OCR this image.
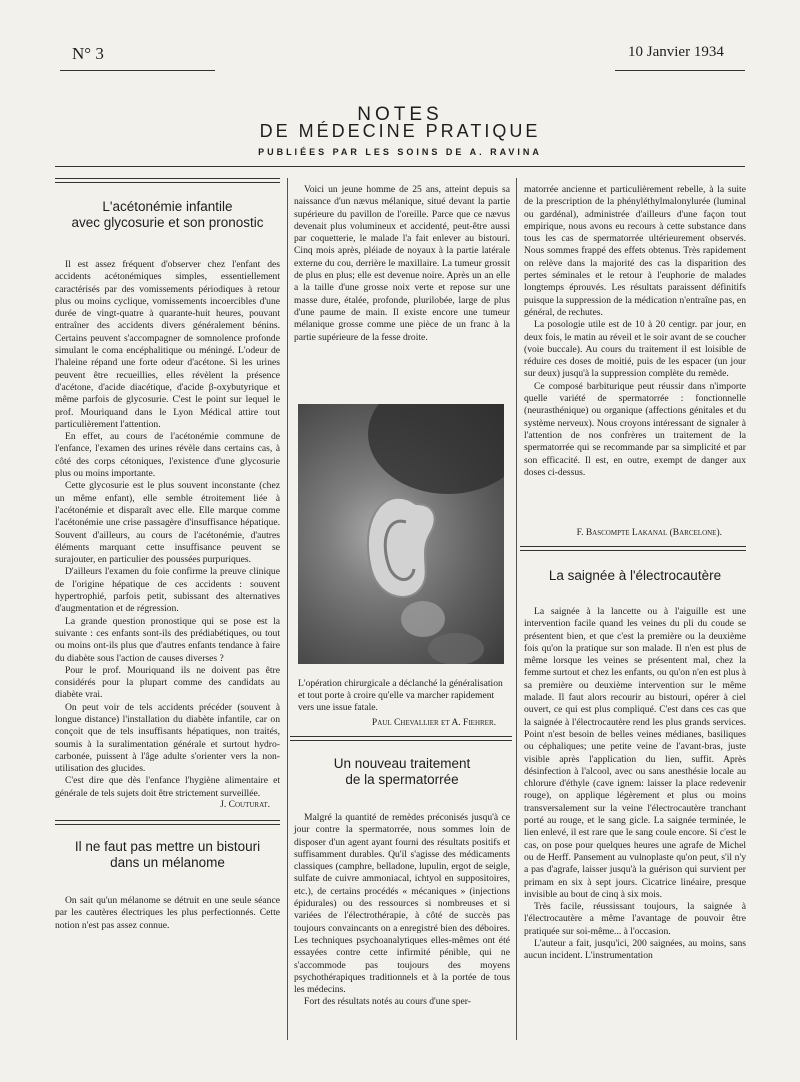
N° 3	10 Janvier 1934
NOTES
DE MÉDECINE PRATIQUE
PUBLIÉES PAR LES SOINS DE A. RAVINA
L'acétonémie infantile
avec glycosurie et son pronostic

Il est assez fréquent d'observer chez l'enfant des accidents acétonémiques simples, essentiellement caractérisés par des vomissements périodiques à retour plus ou moins cyclique, vomissements incoercibles d'une durée de vingt-quatre à quarante-huit heures, pouvant entraîner des accidents divers généralement bénins. Certains peuvent s'accompagner de somnolence profonde simulant le coma encéphalitique ou méningé. L'odeur de l'haleine répand une forte odeur d'acétone. Si les urines peuvent être recueillies, elles révèlent la présence d'acétone, d'acide diacétique, d'acide β-oxybutyrique et même parfois de glycosurie. C'est le point sur lequel le prof. Mouriquand dans le Lyon Médical attire tout particulièrement l'attention.

En effet, au cours de l'acétonémie commune de l'enfance, l'examen des urines révèle dans certains cas, à côté des corps cétoniques, l'existence d'une glycosurie plus ou moins importante.

Cette glycosurie est le plus souvent inconstante (chez un même enfant), elle semble étroitement liée à l'acétonémie et disparaît avec elle. Elle marque comme l'acétonémie une crise passagère d'insuffisance hépatique. Souvent d'ailleurs, au cours de l'acétonémie, d'autres éléments marquant cette insuffisance peuvent se surajouter, en particulier des poussées purpuriques.

D'ailleurs l'examen du foie confirme la preuve clinique de l'origine hépatique de ces accidents : souvent hypertrophié, parfois petit, subissant des alternatives d'augmentation et de régression.

La grande question pronostique qui se pose est la suivante : ces enfants sont-ils des prédiabétiques, ou tout ou moins ont-ils plus que d'autres enfants tendance à faire du diabète sous l'action de causes diverses ?

Pour le prof. Mouriquand ils ne doivent pas être considérés pour la plupart comme des candidats au diabète vrai.

On peut voir de tels accidents précéder (souvent à longue distance) l'installation du diabète infantile, car on conçoit que de tels insuffisants hépatiques, non traités, soumis à la suralimentation générale et surtout hydro-carbonée, puissent à l'âge adulte s'orienter vers la non-utilisation des glucides.

C'est dire que dès l'enfance l'hygiène alimentaire et générale de tels sujets doit être strictement surveillée.

J. Couturat.
Il ne faut pas mettre un bistouri
dans un mélanome

On sait qu'un mélanome se détruit en une seule séance par les cautères électriques les plus perfectionnés. Cette notion n'est pas assez connue.

Voici un jeune homme de 25 ans, atteint depuis sa naissance d'un nævus mélanique, situé devant la partie supérieure du pavillon de l'oreille. Parce que ce nævus devenait plus volumineux et accidenté, peut-être aussi par coquetterie, le malade l'a fait enlever au bistouri. Cinq mois après, pléiade de noyaux à la partie latérale externe du cou, derrière le maxillaire. La tumeur grossit de plus en plus; elle est devenue noire. Après un an elle a la taille d'une grosse noix verte et repose sur une masse dure, étalée, profonde, plurilobée, large de plus d'une paume de main. Il existe encore une tumeur mélanique grosse comme une pièce de un franc à la partie supérieure de la fesse droite.

L'opération chirurgicale a déclanché la généralisation et tout porte à croire qu'elle va marcher rapidement vers une issue fatale.
Paul Chevallier et A. Fiehrer.
Un nouveau traitement
de la spermatorrée

Malgré la quantité de remèdes préconisés jusqu'à ce jour contre la spermatorrée, nous sommes loin de disposer d'un agent ayant fourni des résultats positifs et suffisamment durables. Qu'il s'agisse des médicaments classiques (camphre, belladone, lupulin, ergot de seigle, sulfate de cuivre ammoniacal, ichtyol en suppositoires, etc.), de certains procédés « mécaniques » (injections épidurales) ou des ressources si nombreuses et si variées de l'électrothérapie, à côté de succès pas toujours convaincants on a enregistré bien des déboires. Les techniques psychoanalytiques elles-mêmes ont été essayées contre cette infirmité pénible, qui ne s'accommode pas toujours des moyens psychothérapiques traditionnels et à la portée de tous les médecins.

Fort des résultats notés au cours d'une sper-

matorrée ancienne et particulièrement rebelle, à la suite de la prescription de la phényléthylmalonylurée (luminal ou gardénal), administrée d'ailleurs d'une façon tout empirique, nous avons eu recours à cette substance dans tous les cas de spermatorrée ultérieurement observés. Nous sommes frappé des effets obtenus. Très rapidement on relève dans la majorité des cas la disparition des pertes séminales et le retour à l'euphorie de malades longtemps éprouvés. Les résultats paraissent définitifs puisque la suppression de la médication n'entraîne pas, en général, de rechutes.

La posologie utile est de 10 à 20 centigr. par jour, en deux fois, le matin au réveil et le soir avant de se coucher (voie buccale). Au cours du traitement il est loisible de réduire ces doses de moitié, puis de les espacer (un jour sur deux) jusqu'à la suppression complète du remède.

Ce composé barbiturique peut réussir dans n'importe quelle variété de spermatorrée : fonctionnelle (neurasthénique) ou organique (affections génitales et du système nerveux). Nous croyons intéressant de signaler à l'attention de nos confrères un traitement de la spermatorrée qui se recommande par sa simplicité et par son efficacité. Il est, en outre, exempt de danger aux doses ci-dessus.

F. Bascompte Lakanal (Barcelone).
La saignée à l'électrocautère

La saignée à la lancette ou à l'aiguille est une intervention facile quand les veines du pli du coude se présentent bien, et que c'est la première ou la deuxième fois qu'on la pratique sur son malade. Il n'en est plus de même lorsque les veines se présentent mal, chez la femme surtout et chez les enfants, ou qu'on n'en est plus à sa première ou deuxième intervention sur le même malade. Il faut alors recourir au bistouri, opérer à ciel ouvert, ce qui est plus compliqué. C'est dans ces cas que la saignée à l'électrocautère rend les plus grands services. Point n'est besoin de belles veines médianes, basiliques ou céphaliques; une petite veine de l'avant-bras, juste visible après l'application du lien, suffit. Après désinfection à l'alcool, avec ou sans anesthésie locale au chlorure d'éthyle (cave ignem: laisser la place redevenir rouge), on applique légèrement et plus ou moins transversalement sur la veine l'électrocautère tranchant porté au rouge, et le sang gicle. La saignée terminée, le lien enlevé, il est rare que le sang coule encore. Si c'est le cas, on pose pour quelques heures une agrafe de Michel ou de Herff. Pansement au vulnoplaste qu'on peut, s'il n'y a pas d'agrafe, laisser jusqu'à la guérison qui survient per primam en six à sept jours. Cicatrice linéaire, presque invisible au bout de cinq à six mois.

Très facile, réussissant toujours, la saignée à l'électrocautère a même l'avantage de pouvoir être pratiquée sur soi-même... à l'occasion.

L'auteur a fait, jusqu'ici, 200 saignées, au moins, sans aucun incident. L'instrumentation
